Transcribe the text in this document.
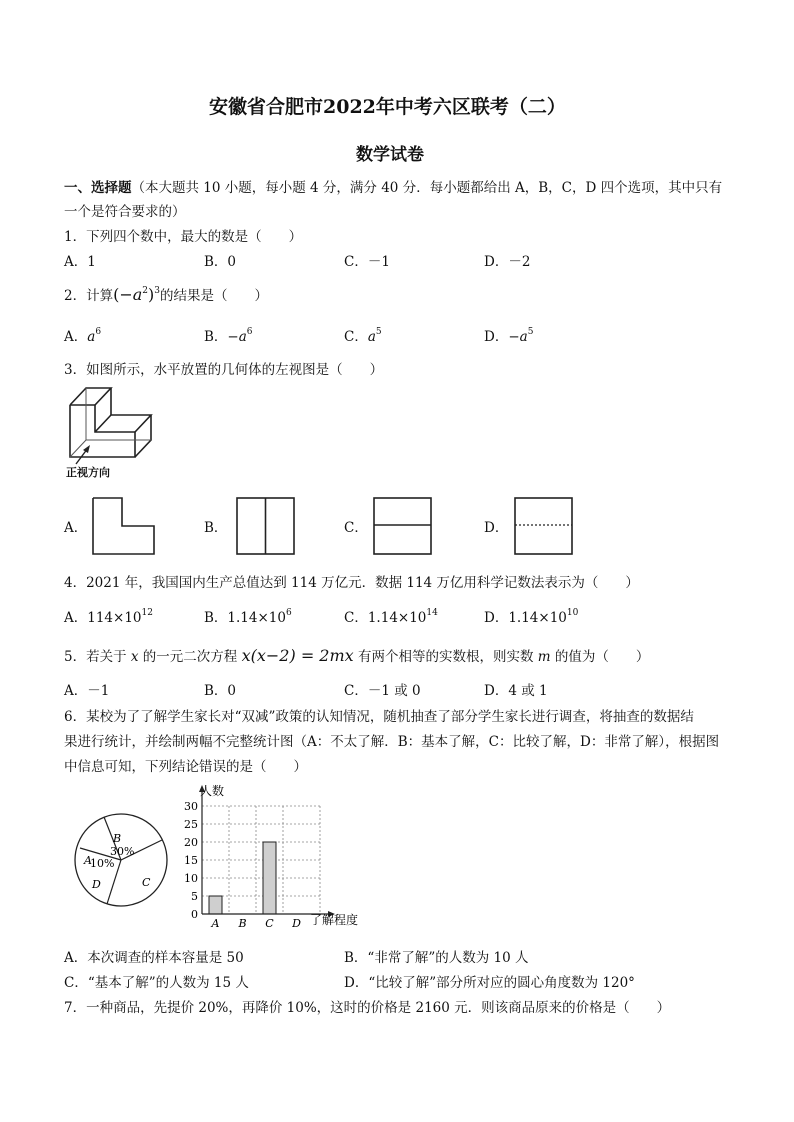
安徽省合肥市2022年中考六区联考（二）
数学试卷
一、选择题（本大题共 10 小题，每小题 4 分，满分 40 分．每小题都给出 A，B，C，D 四个选项，其中只有
一个是符合要求的）
1．下列四个数中，最大的数是（　　）
A．1	B．0	C．－1	D．－2
2．计算$(-a^2)^3$的结果是（　　）
A．$a^6$	B．$-a^6$	C．$a^5$	D．$-a^5$
3．如图所示，水平放置的几何体的左视图是（　　）
正视方向
A．	B．	C．	D．
4．2021 年，我国国内生产总值达到 114 万亿元．数据 114 万亿用科学记数法表示为（　　）
A．$114\times 10^{12}$	B．$1.14\times 10^6$	C．$1.14\times 10^{14}$	D．$1.14\times 10^{10}$
5．若关于 x 的一元二次方程 x(x−2) = 2mx 有两个相等的实数根，则实数 m 的值为（　　）
A．－1	B．0	C．－1 或 0	D．4 或 1
6．某校为了了解学生家长对“双减”政策的认知情况，随机抽查了部分学生家长进行调查，将抽查的数据结
果进行统计，并绘制两幅不完整统计图（A：不太了解．B：基本了解，C：比较了解，D：非常了解），根据图
中信息可知，下列结论错误的是（　　）
B
30%
A
10%
D	C
0
5
10
15
20
25
30
A B C D
人数
了解程度
A．本次调查的样本容量是 50	B．“非常了解”的人数为 10 人
C．“基本了解”的人数为 15 人	D．“比较了解”部分所对应的圆心角度数为 120°
7．一种商品，先提价 20%，再降价 10%，这时的价格是 2160 元．则该商品原来的价格是（　　）
